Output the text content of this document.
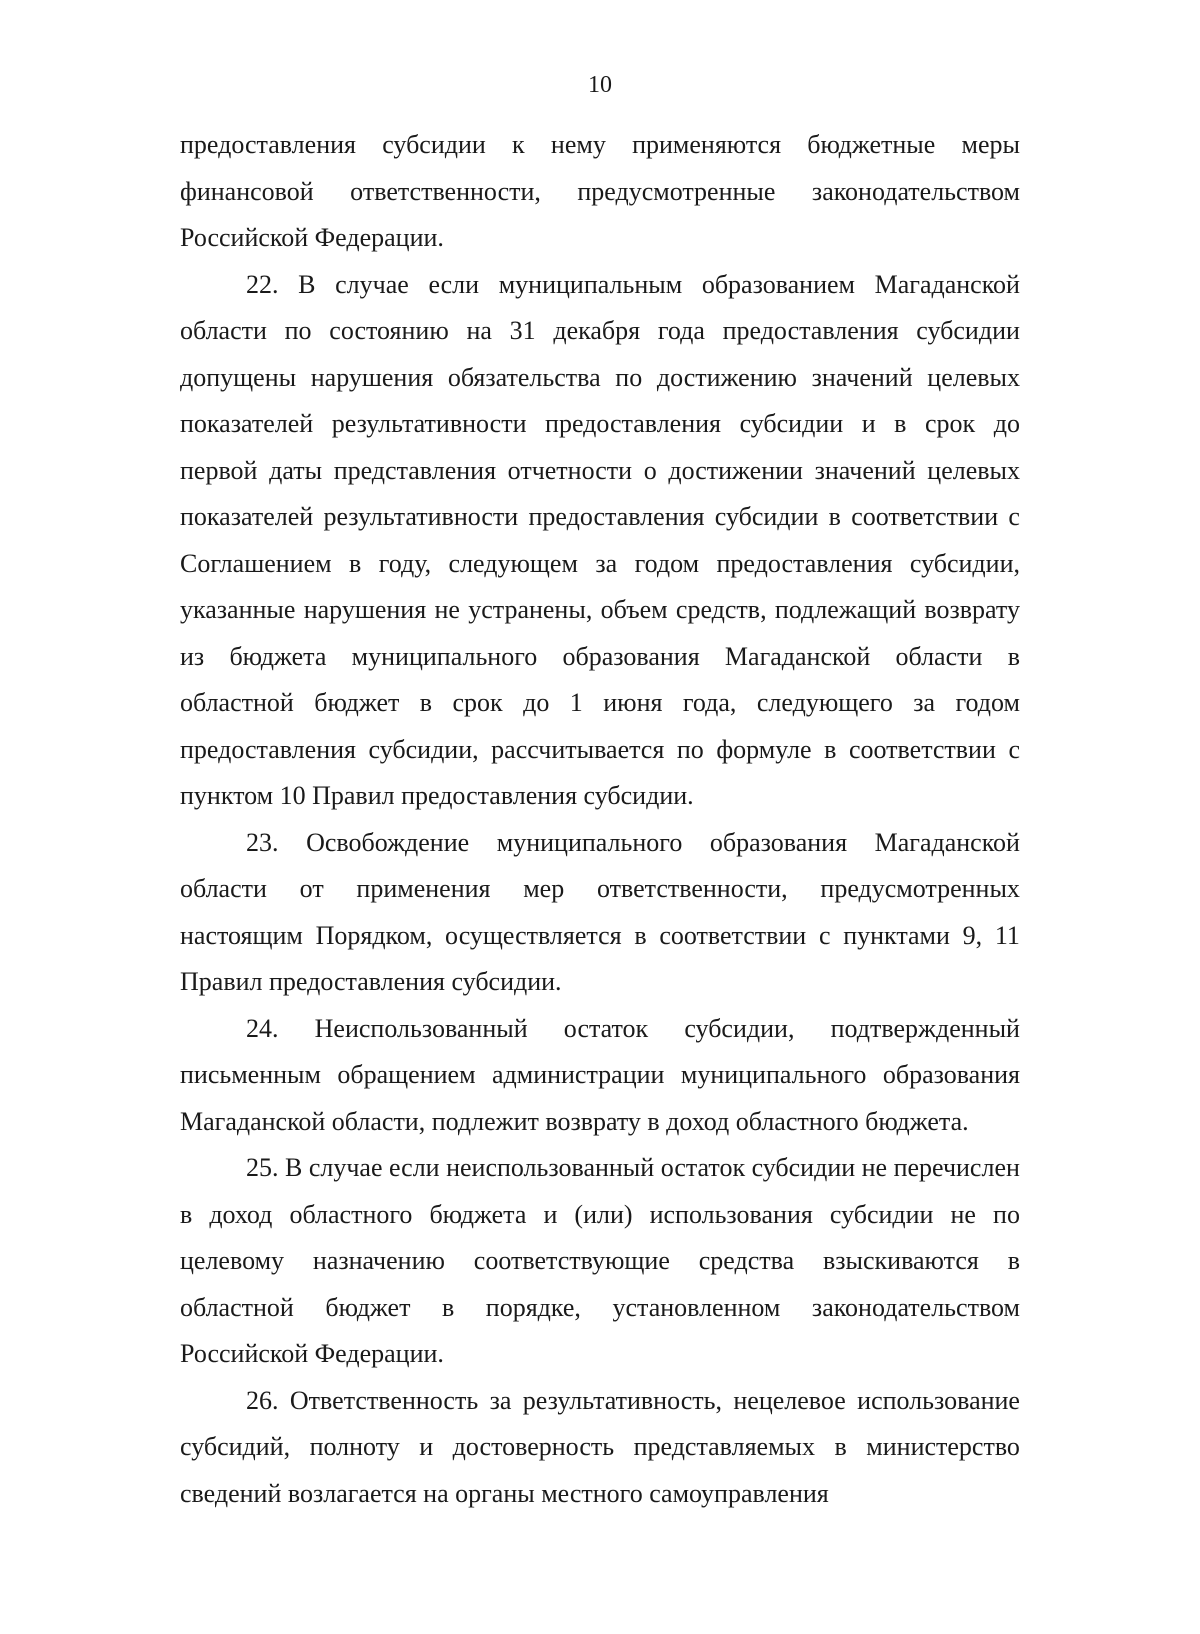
10
предоставления субсидии к нему применяются бюджетные меры
финансовой ответственности, предусмотренные законодательством
Российской Федерации.
22. В случае если муниципальным образованием Магаданской
области по состоянию на 31 декабря года предоставления субсидии
допущены нарушения обязательства по достижению значений целевых
показателей результативности предоставления субсидии и в срок до
первой даты представления отчетности о достижении значений целевых
показателей результативности предоставления субсидии в соответствии с
Соглашением в году, следующем за годом предоставления субсидии,
указанные нарушения не устранены, объем средств, подлежащий возврату
из бюджета муниципального образования Магаданской области в
областной бюджет в срок до 1 июня года, следующего за годом
предоставления субсидии, рассчитывается по формуле в соответствии с
пунктом 10 Правил предоставления субсидии.
23. Освобождение муниципального образования Магаданской
области от применения мер ответственности, предусмотренных
настоящим Порядком, осуществляется в соответствии с пунктами 9, 11
Правил предоставления субсидии.
24. Неиспользованный остаток субсидии, подтвержденный
письменным обращением администрации муниципального образования
Магаданской области, подлежит возврату в доход областного бюджета.
25. В случае если неиспользованный остаток субсидии не перечислен
в доход областного бюджета и (или) использования субсидии не по
целевому назначению соответствующие средства взыскиваются в
областной бюджет в порядке, установленном законодательством
Российской Федерации.
26. Ответственность за результативность, нецелевое использование
субсидий, полноту и достоверность представляемых в министерство
сведений возлагается на органы местного самоуправления
